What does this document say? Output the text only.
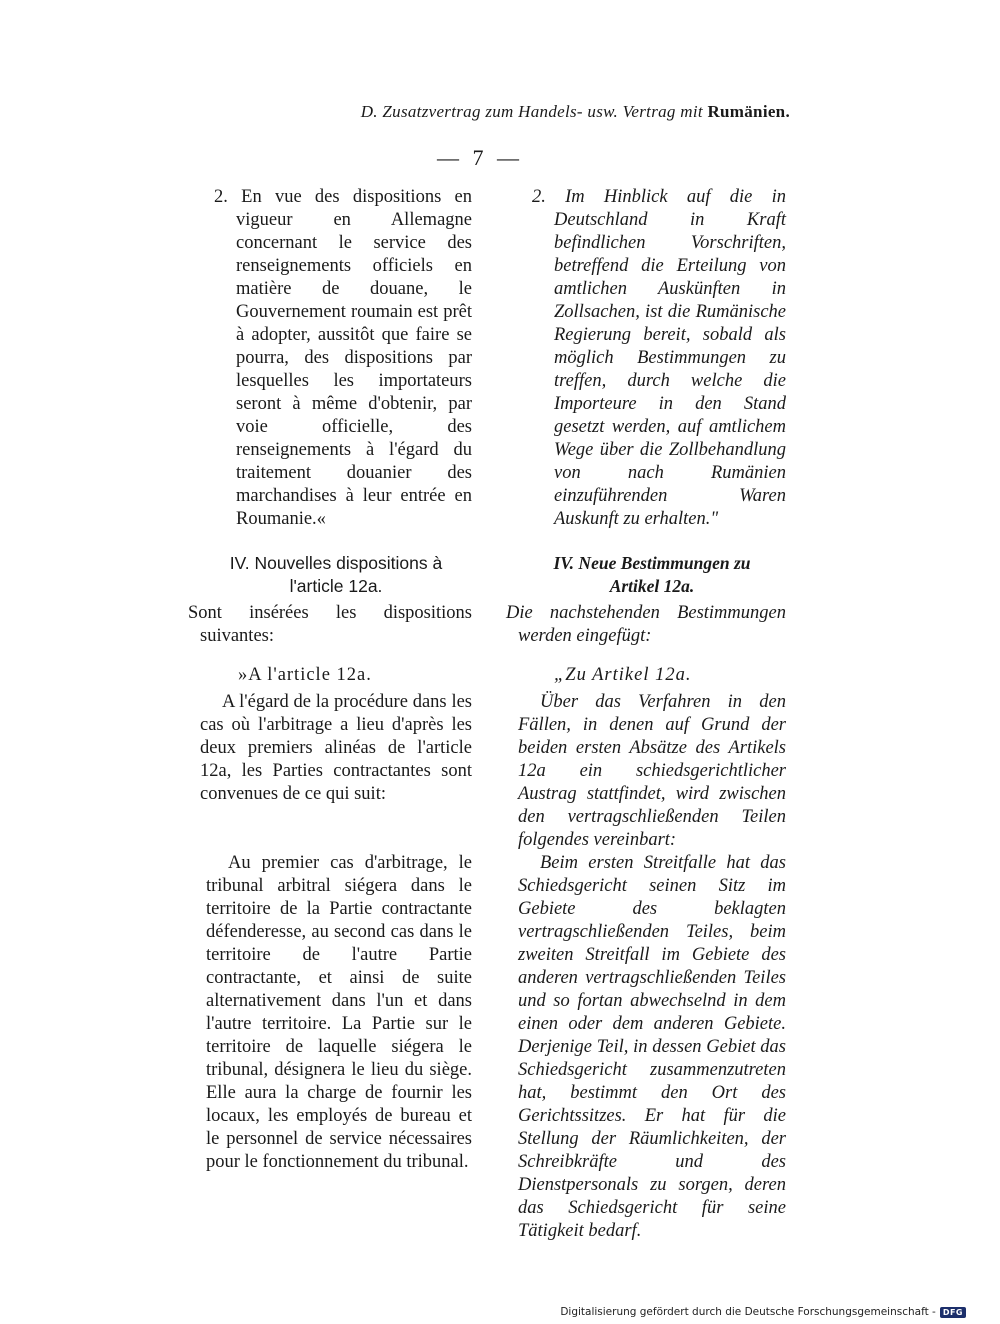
D. Zusatzvertrag zum Handels- usw. Vertrag mit Rumänien.
— 7 —

2. En vue des dispositions en vigueur en Allemagne concernant le service des renseignements officiels en matière de douane, le Gouvernement roumain est prêt à adopter, aussitôt que faire se pourra, des dispositions par lesquelles les importateurs seront à même d'obtenir, par voie officielle, des renseignements à l'égard du traitement douanier des marchandises à leur entrée en Roumanie.«

IV. Nouvelles dispositions à l'article 12a.

Sont insérées les dispositions suivantes:

»A l'article 12a.

A l'égard de la procédure dans les cas où l'arbitrage a lieu d'après les deux premiers alinéas de l'article 12a, les Parties contractantes sont convenues de ce qui suit:

Au premier cas d'arbitrage, le tribunal arbitral siégera dans le territoire de la Partie contractante défenderesse, au second cas dans le territoire de l'autre Partie contractante, et ainsi de suite alternativement dans l'un et dans l'autre territoire. La Partie sur le territoire de laquelle siégera le tribunal, désignera le lieu du siège. Elle aura la charge de fournir les locaux, les employés de bureau et le personnel de service nécessaires pour le fonctionnement du tribunal.

2. Im Hinblick auf die in Deutschland in Kraft befindlichen Vorschriften, betreffend die Erteilung von amtlichen Auskünften in Zollsachen, ist die Rumänische Regierung bereit, sobald als möglich Bestimmungen zu treffen, durch welche die Importeure in den Stand gesetzt werden, auf amtlichem Wege über die Zollbehandlung von nach Rumänien einzuführenden Waren Auskunft zu erhalten."

IV. Neue Bestimmungen zu Artikel 12a.

Die nachstehenden Bestimmungen werden eingefügt:

„Zu Artikel 12a.

Über das Verfahren in den Fällen, in denen auf Grund der beiden ersten Absätze des Artikels 12a ein schiedsgerichtlicher Austrag stattfindet, wird zwischen den vertragschließenden Teilen folgendes vereinbart:

Beim ersten Streitfalle hat das Schiedsgericht seinen Sitz im Gebiete des beklagten vertragschließenden Teiles, beim zweiten Streitfall im Gebiete des anderen vertragschließenden Teiles und so fortan abwechselnd in dem einen oder dem anderen Gebiete. Derjenige Teil, in dessen Gebiet das Schiedsgericht zusammenzutreten hat, bestimmt den Ort des Gerichtssitzes. Er hat für die Stellung der Räumlichkeiten, der Schreibkräfte und des Dienstpersonals zu sorgen, deren das Schiedsgericht für seine Tätigkeit bedarf.

Digitalisierung gefördert durch die Deutsche Forschungsgemeinschaft - DFG
